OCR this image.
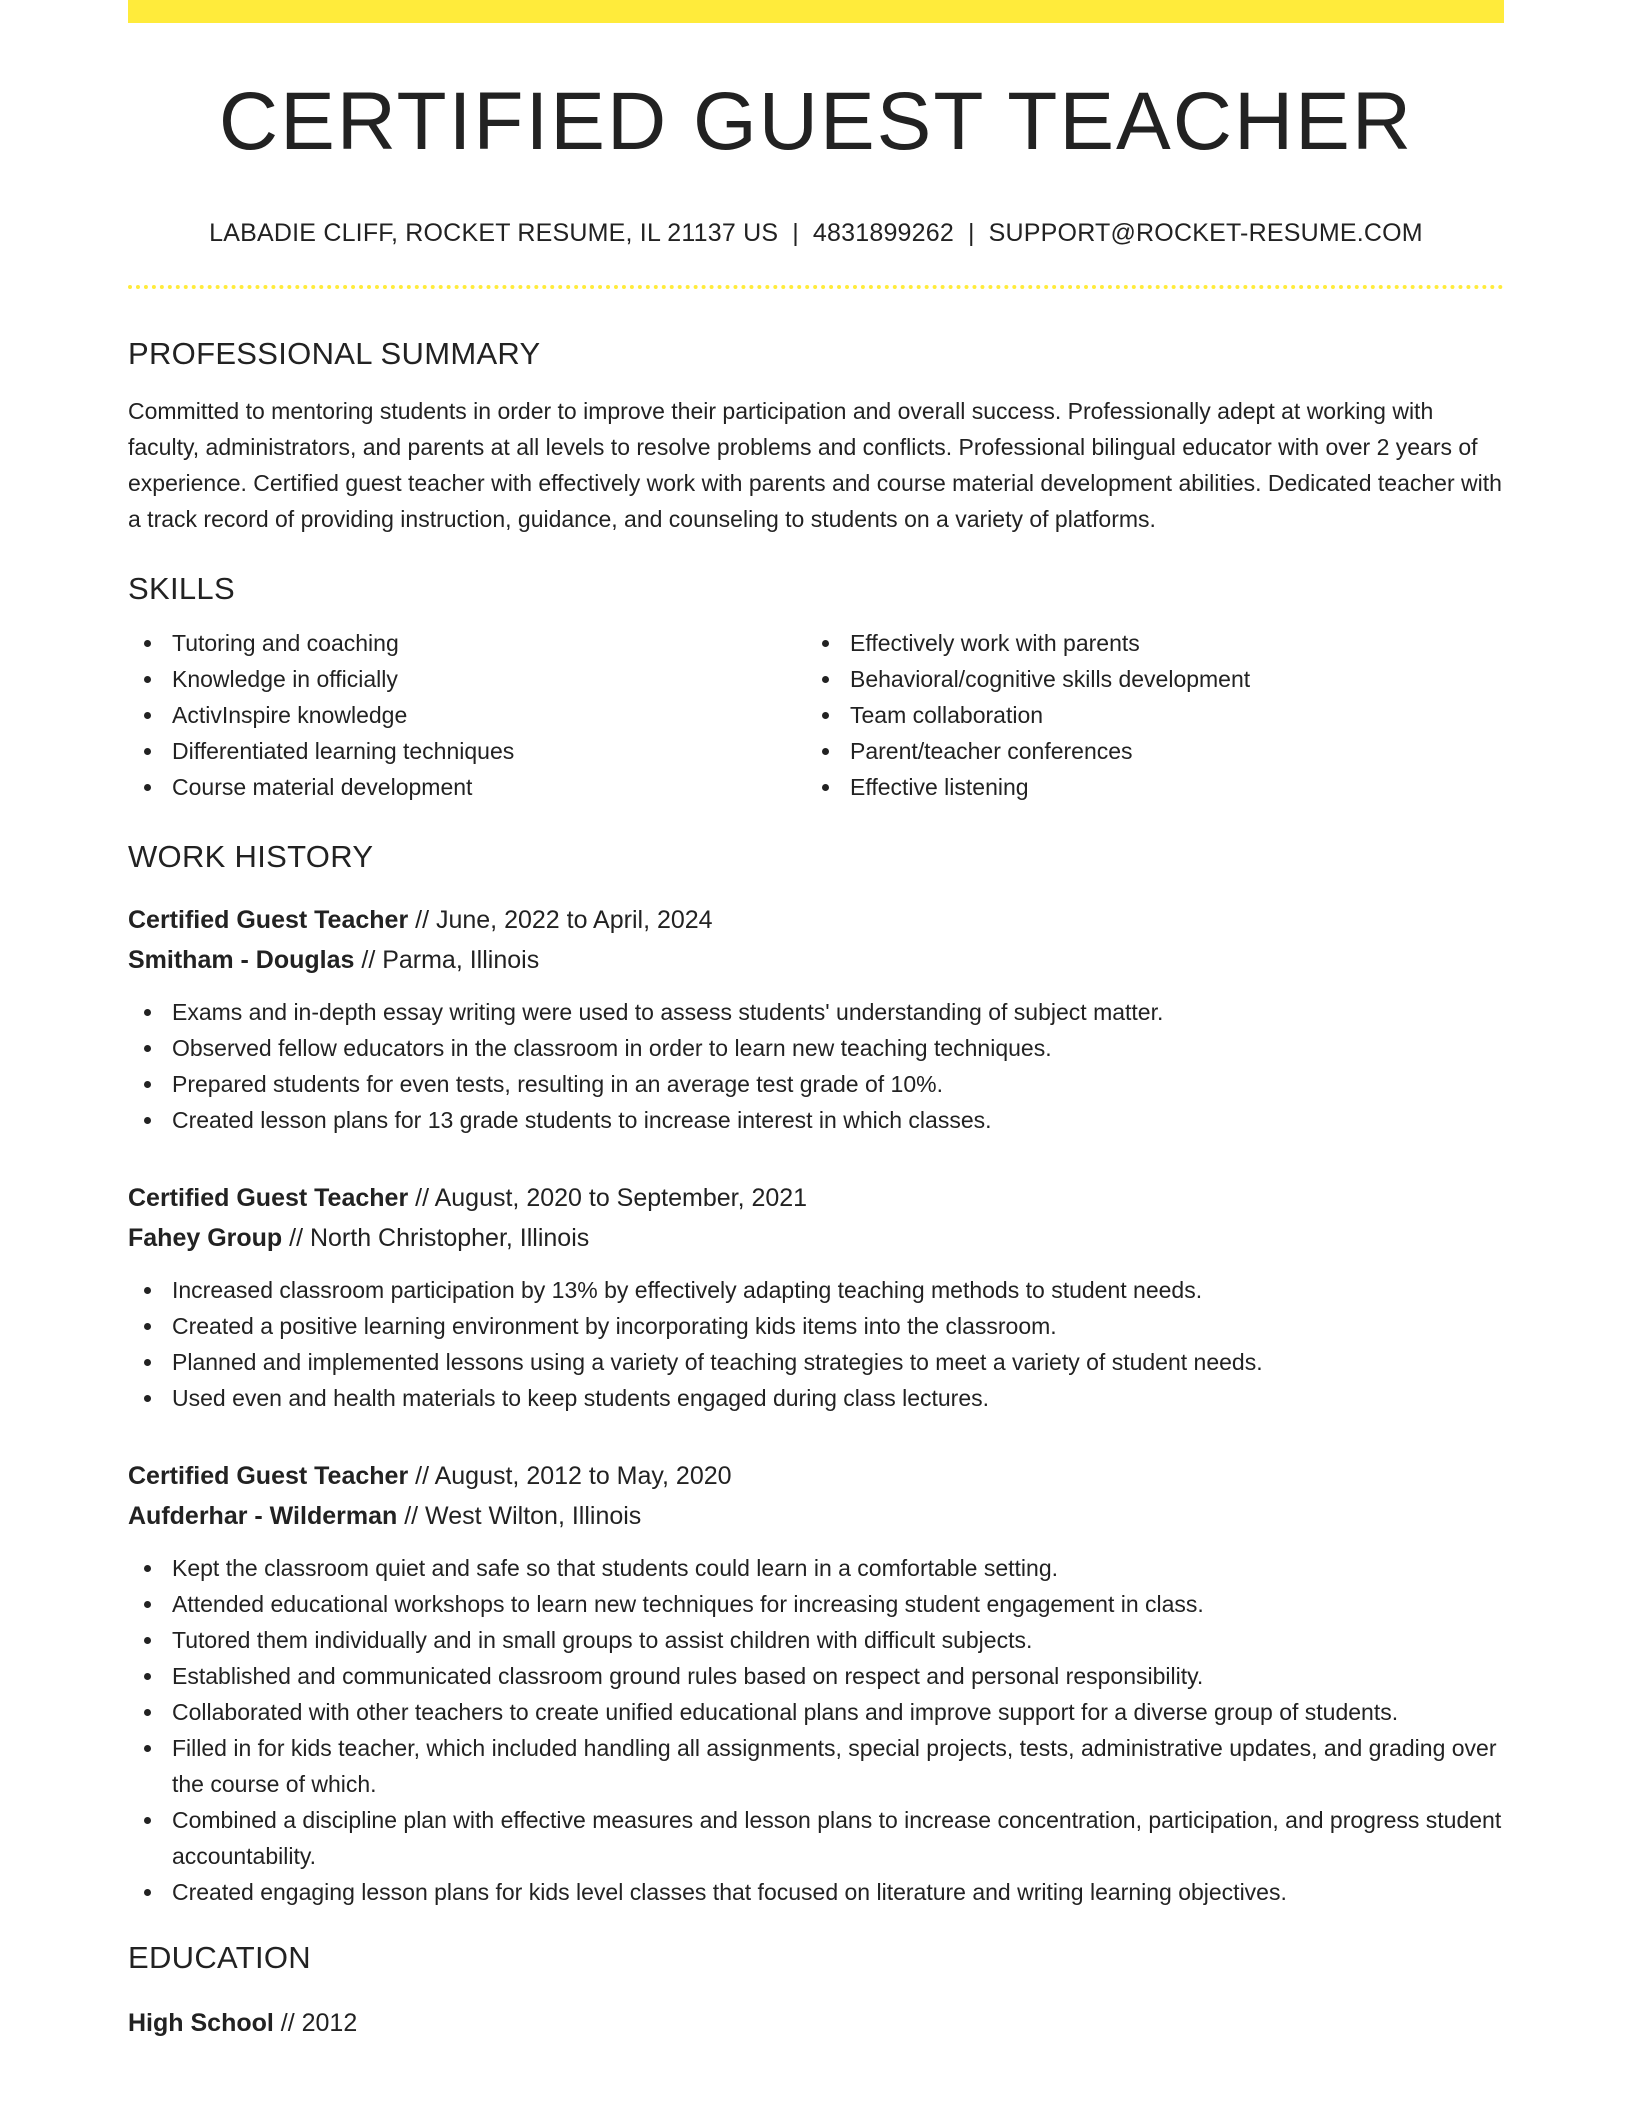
CERTIFIED GUEST TEACHER
LABADIE CLIFF, ROCKET RESUME, IL 21137 US | 4831899262 | SUPPORT@ROCKET-RESUME.COM
PROFESSIONAL SUMMARY

Committed to mentoring students in order to improve their participation and overall success. Professionally adept at working with faculty, administrators, and parents at all levels to resolve problems and conflicts. Professional bilingual educator with over 2 years of experience. Certified guest teacher with effectively work with parents and course material development abilities. Dedicated teacher with a track record of providing instruction, guidance, and counseling to students on a variety of platforms.

SKILLS
Tutoring and coaching
Knowledge in officially
ActivInspire knowledge
Differentiated learning techniques
Course material development
Effectively work with parents
Behavioral/cognitive skills development
Team collaboration
Parent/teacher conferences
Effective listening
WORK HISTORY
Certified Guest Teacher // June, 2022 to April, 2024
Smitham - Douglas // Parma, Illinois
Exams and in-depth essay writing were used to assess students' understanding of subject matter.
Observed fellow educators in the classroom in order to learn new teaching techniques.
Prepared students for even tests, resulting in an average test grade of 10%.
Created lesson plans for 13 grade students to increase interest in which classes.
Certified Guest Teacher // August, 2020 to September, 2021
Fahey Group // North Christopher, Illinois
Increased classroom participation by 13% by effectively adapting teaching methods to student needs.
Created a positive learning environment by incorporating kids items into the classroom.
Planned and implemented lessons using a variety of teaching strategies to meet a variety of student needs.
Used even and health materials to keep students engaged during class lectures.
Certified Guest Teacher // August, 2012 to May, 2020
Aufderhar - Wilderman // West Wilton, Illinois
Kept the classroom quiet and safe so that students could learn in a comfortable setting.
Attended educational workshops to learn new techniques for increasing student engagement in class.
Tutored them individually and in small groups to assist children with difficult subjects.
Established and communicated classroom ground rules based on respect and personal responsibility.
Collaborated with other teachers to create unified educational plans and improve support for a diverse group of students.
Filled in for kids teacher, which included handling all assignments, special projects, tests, administrative updates, and grading over the course of which.
Combined a discipline plan with effective measures and lesson plans to increase concentration, participation, and progress student accountability.
Created engaging lesson plans for kids level classes that focused on literature and writing learning objectives.
EDUCATION
High School // 2012
